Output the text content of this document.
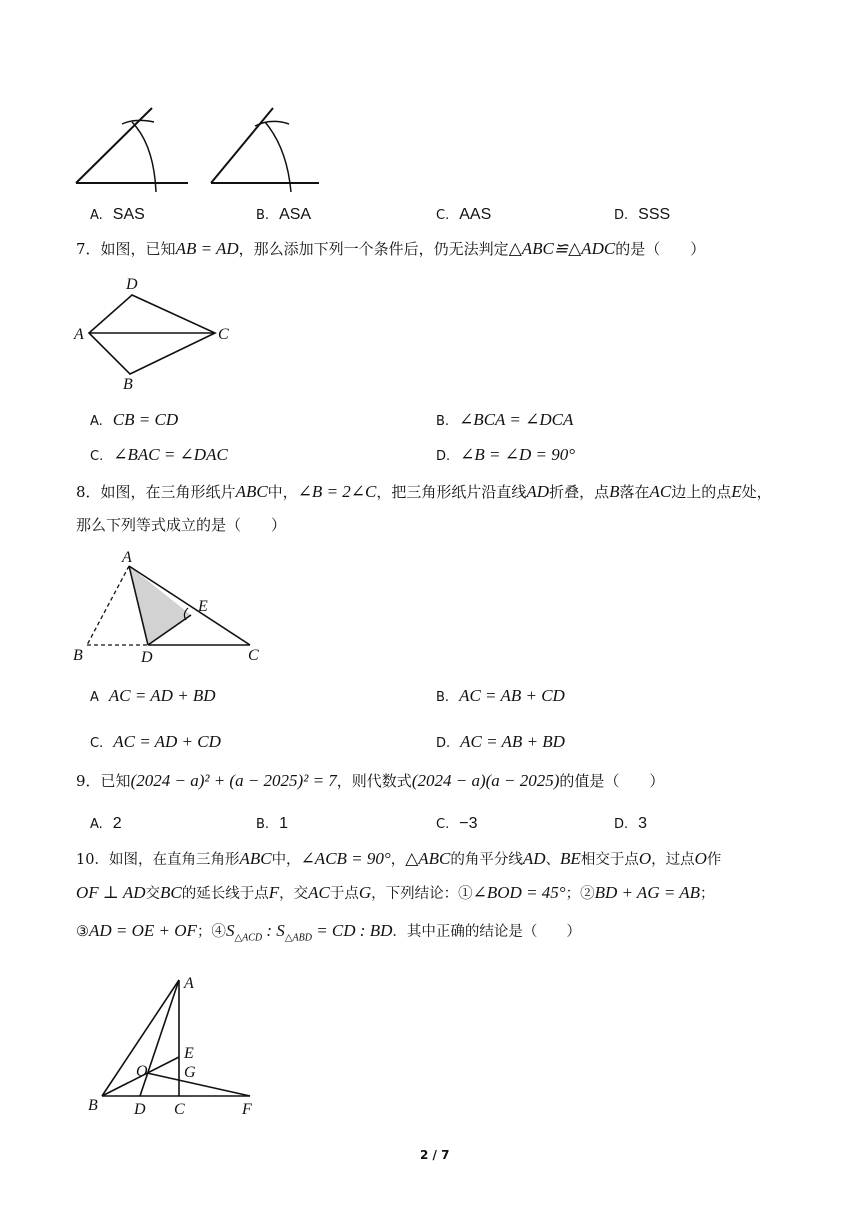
A. SAS	B. ASA	C. AAS	D. SSS
7．如图，已知AB = AD，那么添加下列一个条件后，仍无法判定△ABC≌△ADC的是（　　）
D
A	C
B
A. CB = CD	B. ∠BCA = ∠DCA
C. ∠BAC = ∠DAC	D. ∠B = ∠D = 90°
8．如图，在三角形纸片ABC中，∠B = 2∠C，把三角形纸片沿直线AD折叠，点B落在AC边上的点E处，
那么下列等式成立的是（　　）
A
E
B	D	C
A AC = AD + BD	B. AC = AB + CD
C. AC = AD + CD	D. AC = AB + BD
9．已知(2024 − a)² + (a − 2025)² = 7，则代数式(2024 − a)(a − 2025)的值是（　　）
A. 2	B. 1	C. −3	D. 3
10．如图，在直角三角形ABC中，∠ACB = 90°，△ABC的角平分线AD、BE相交于点O，过点O作
OF ⊥ AD交BC的延长线于点F，交AC于点G，下列结论：①∠BOD = 45°；②BD + AG = AB；
③AD = OE + OF；$④S_{\triangle ACD}$ : $S_{\triangle ABD}$ = CD : BD．其中正确的结论是（　　）
A
E
O G
B D C	F
2 / 7
